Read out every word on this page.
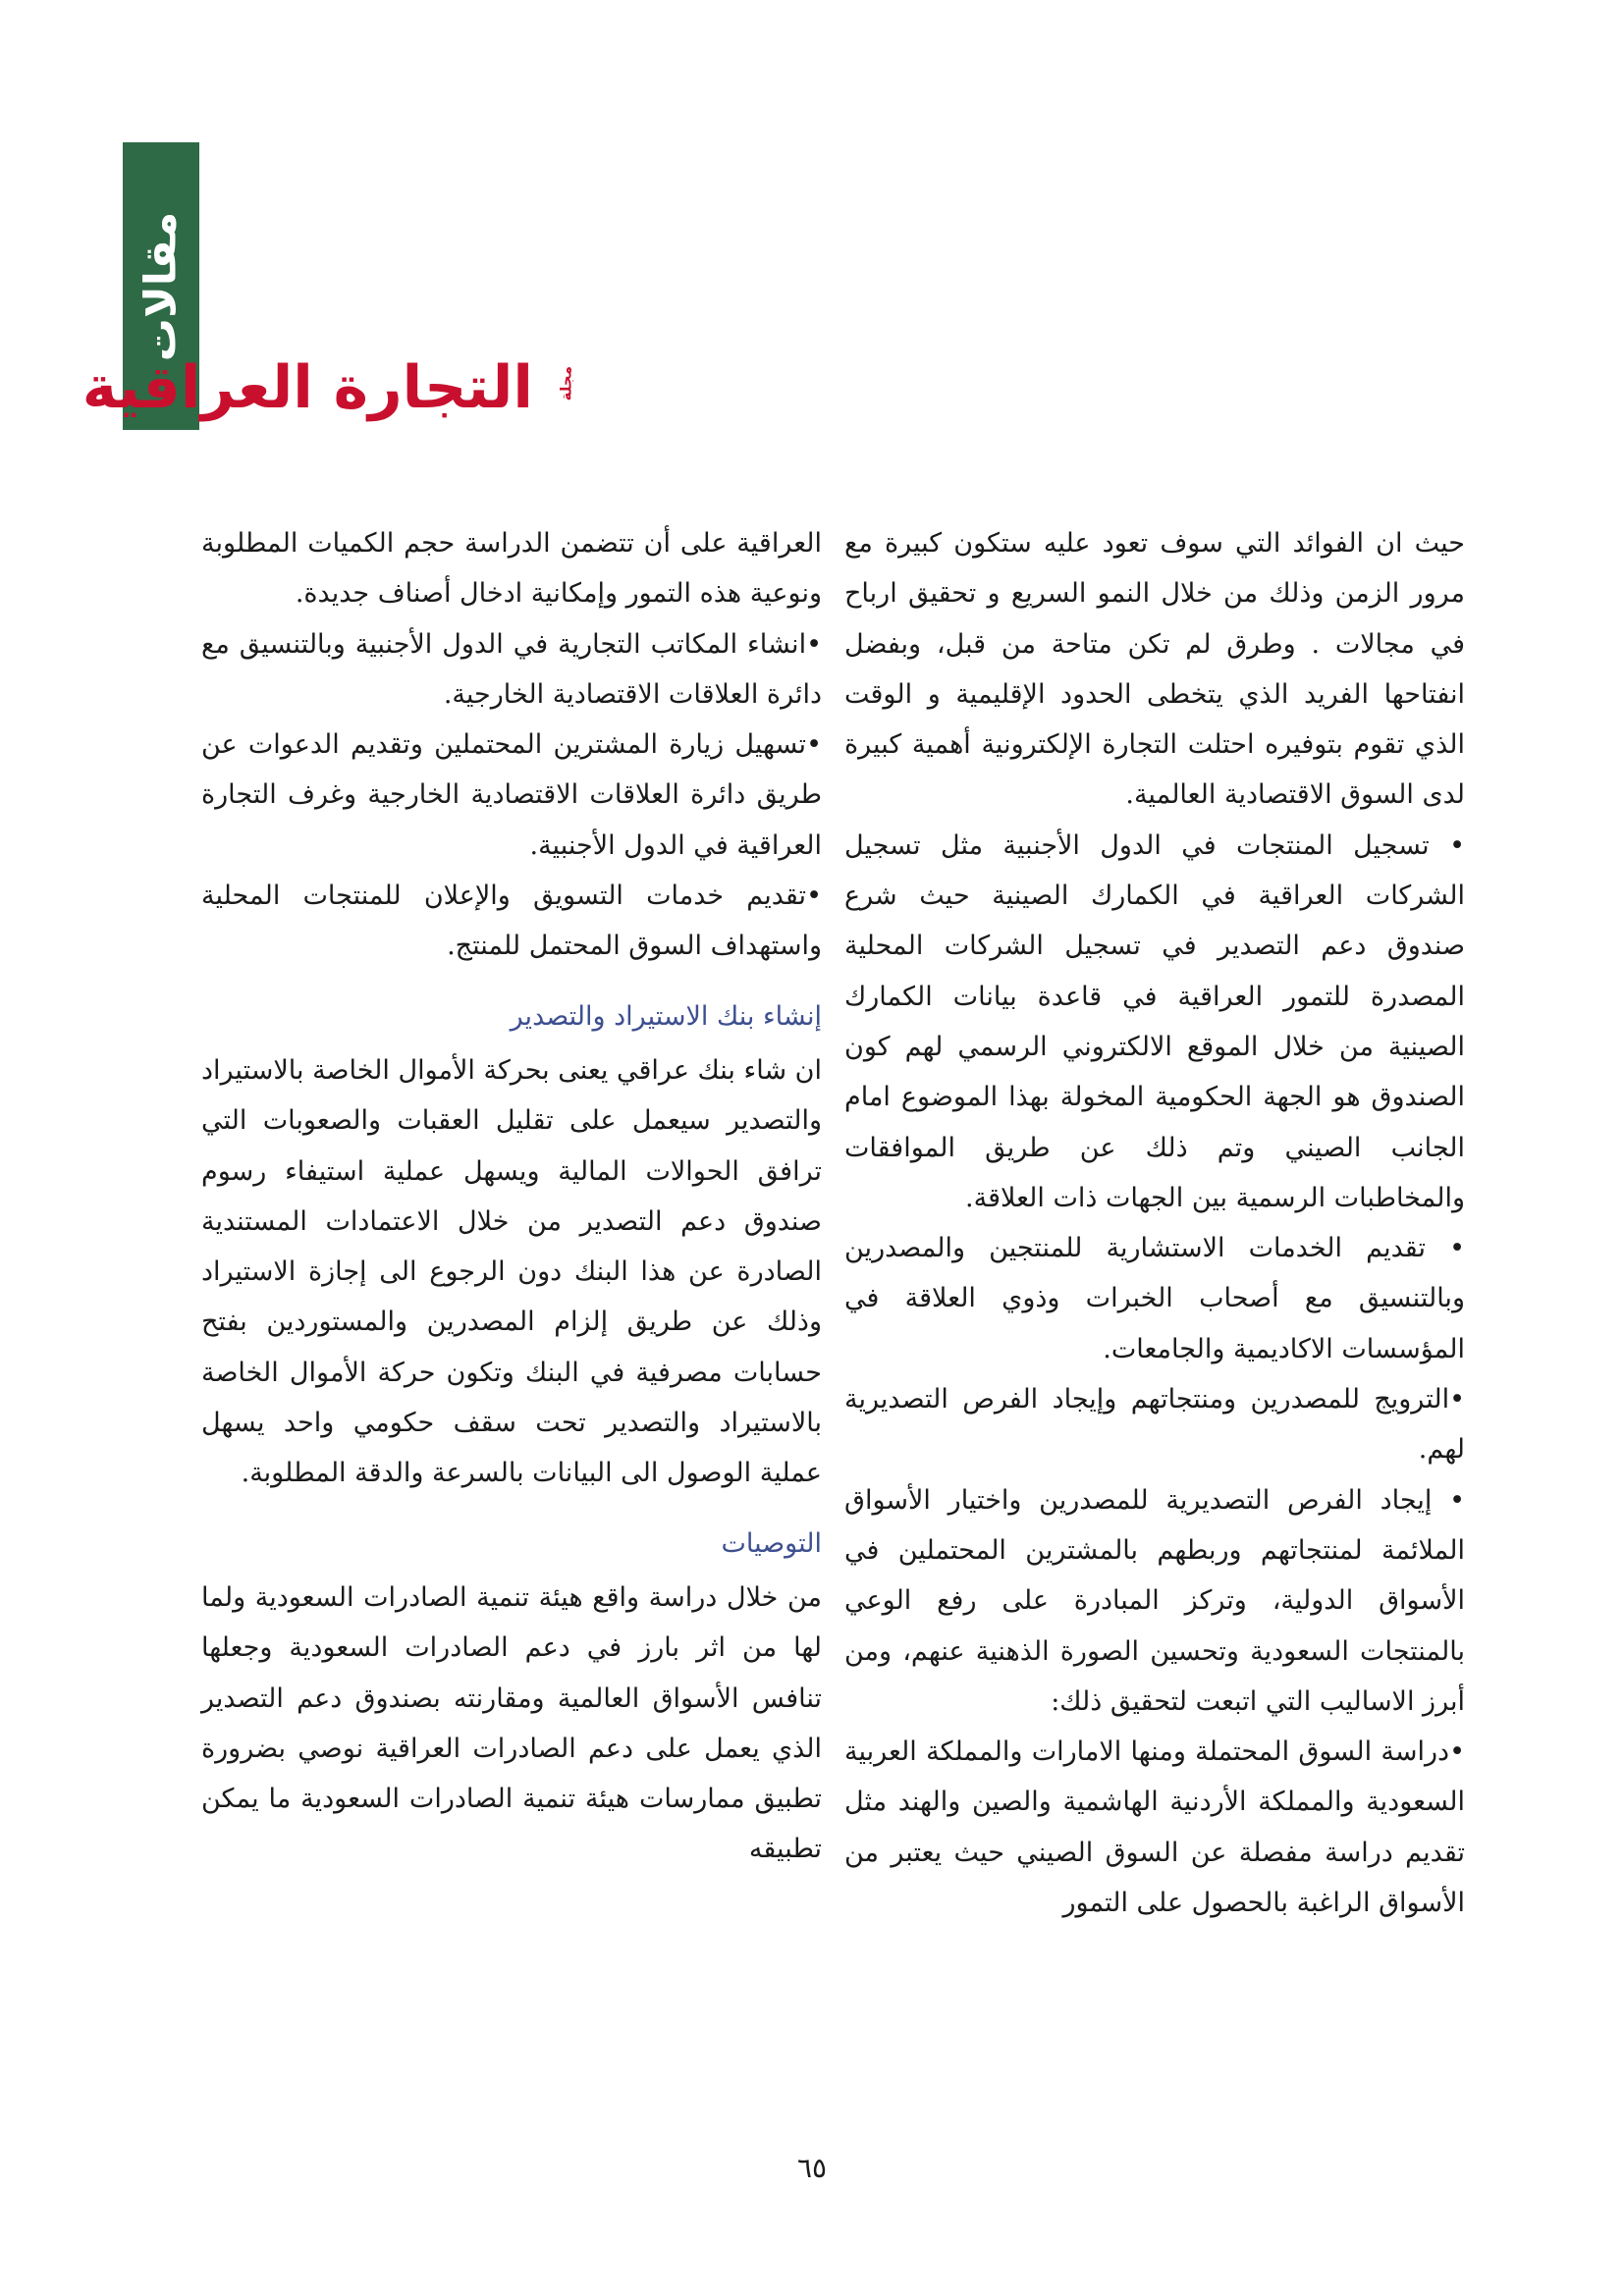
مقالات
مجلة
التجارة العراقية

حيث ان الفوائد التي سوف تعود عليه ستكون كبيرة مع مرور الزمن وذلك من خلال النمو السريع و تحقيق ارباح في مجالات . وطرق لم تكن متاحة من قبل، وبفضل انفتاحها الفريد الذي يتخطى الحدود الإقليمية و الوقت الذي تقوم بتوفيره احتلت التجارة الإلكترونية أهمية كبيرة لدى السوق الاقتصادية العالمية.

• تسجيل المنتجات في الدول الأجنبية مثل تسجيل الشركات العراقية في الكمارك الصينية حيث شرع صندوق دعم التصدير في تسجيل الشركات المحلية المصدرة للتمور العراقية في قاعدة بيانات الكمارك الصينية من خلال الموقع الالكتروني الرسمي لهم كون الصندوق هو الجهة الحكومية المخولة بهذا الموضوع امام الجانب الصيني وتم ذلك عن طريق الموافقات والمخاطبات الرسمية بين الجهات ذات العلاقة.

• تقديم الخدمات الاستشارية للمنتجين والمصدرين وبالتنسيق مع أصحاب الخبرات وذوي العلاقة في المؤسسات الاكاديمية والجامعات.

•الترويج للمصدرين ومنتجاتهم وإيجاد الفرص التصديرية لهم.

• إيجاد الفرص التصديرية للمصدرين واختيار الأسواق الملائمة لمنتجاتهم وربطهم بالمشترين المحتملين في الأسواق الدولية، وتركز المبادرة على رفع الوعي بالمنتجات السعودية وتحسين الصورة الذهنية عنهم، ومن أبرز الاساليب التي اتبعت لتحقيق ذلك:

•دراسة السوق المحتملة ومنها الامارات والمملكة العربية السعودية والمملكة الأردنية الهاشمية والصين والهند مثل تقديم دراسة مفصلة عن السوق الصيني حيث يعتبر من الأسواق الراغبة بالحصول على التمور

العراقية على أن تتضمن الدراسة حجم الكميات المطلوبة ونوعية هذه التمور وإمكانية ادخال أصناف جديدة.

•انشاء المكاتب التجارية في الدول الأجنبية وبالتنسيق مع دائرة العلاقات الاقتصادية الخارجية.

•تسهيل زيارة المشترين المحتملين وتقديم الدعوات عن طريق دائرة العلاقات الاقتصادية الخارجية وغرف التجارة العراقية في الدول الأجنبية.

•تقديم خدمات التسويق والإعلان للمنتجات المحلية واستهداف السوق المحتمل للمنتج.

إنشاء بنك الاستيراد والتصدير

ان شاء بنك عراقي يعنى بحركة الأموال الخاصة بالاستيراد والتصدير سيعمل على تقليل العقبات والصعوبات التي ترافق الحوالات المالية ويسهل عملية استيفاء رسوم صندوق دعم التصدير من خلال الاعتمادات المستندية الصادرة عن هذا البنك دون الرجوع الى إجازة الاستيراد وذلك عن طريق إلزام المصدرين والمستوردين بفتح حسابات مصرفية في البنك وتكون حركة الأموال الخاصة بالاستيراد والتصدير تحت سقف حكومي واحد يسهل عملية الوصول الى البيانات بالسرعة والدقة المطلوبة.

التوصيات

من خلال دراسة واقع هيئة تنمية الصادرات السعودية ولما لها من اثر بارز في دعم الصادرات السعودية وجعلها تنافس الأسواق العالمية ومقارنته بصندوق دعم التصدير الذي يعمل على دعم الصادرات العراقية نوصي بضرورة تطبيق ممارسات هيئة تنمية الصادرات السعودية ما يمكن تطبيقه

٦٥
